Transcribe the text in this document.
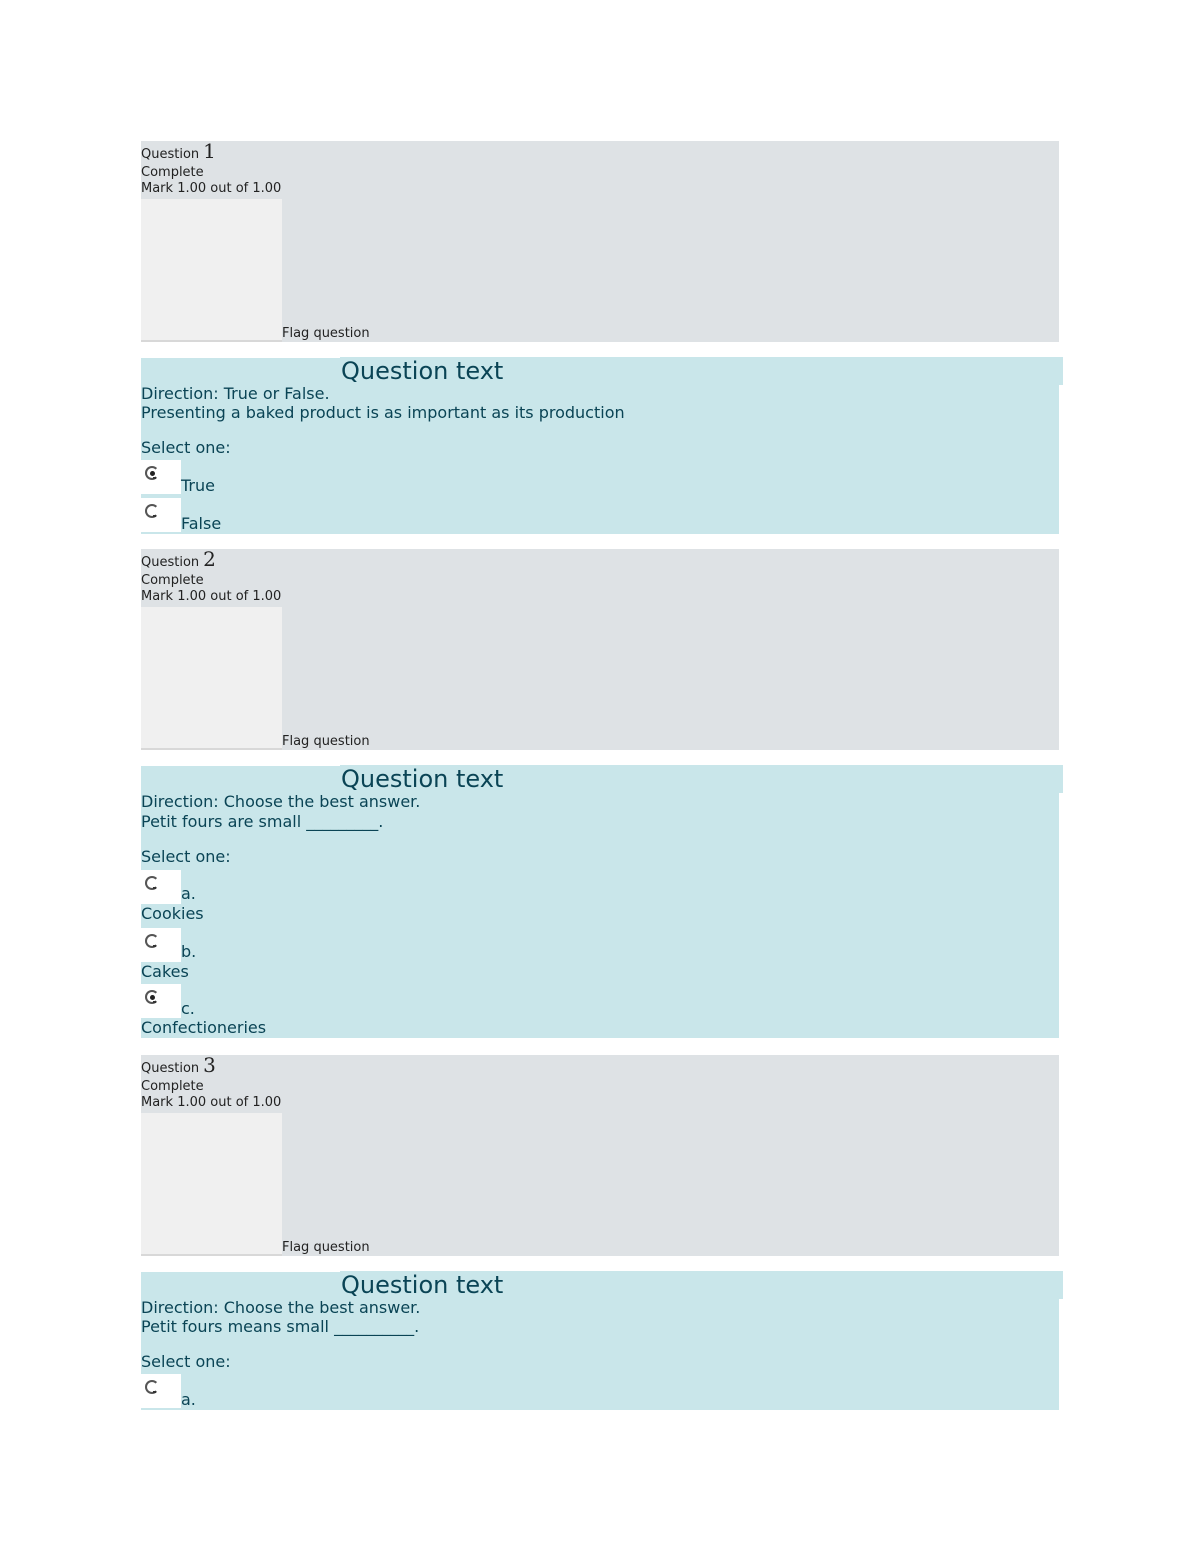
Question 1
Complete
Mark 1.00 out of 1.00
Flag question
Question text
Direction: True or False.
Presenting a baked product is as important as its production
Select one:
True
False
Question 2
Complete
Mark 1.00 out of 1.00
Flag question
Question text
Direction: Choose the best answer.
Petit fours are small _________.
Select one:
a.
Cookies
b.
Cakes
c.
Confectioneries
Question 3
Complete
Mark 1.00 out of 1.00
Flag question
Question text
Direction: Choose the best answer.
Petit fours means small __________.
Select one:
a.
